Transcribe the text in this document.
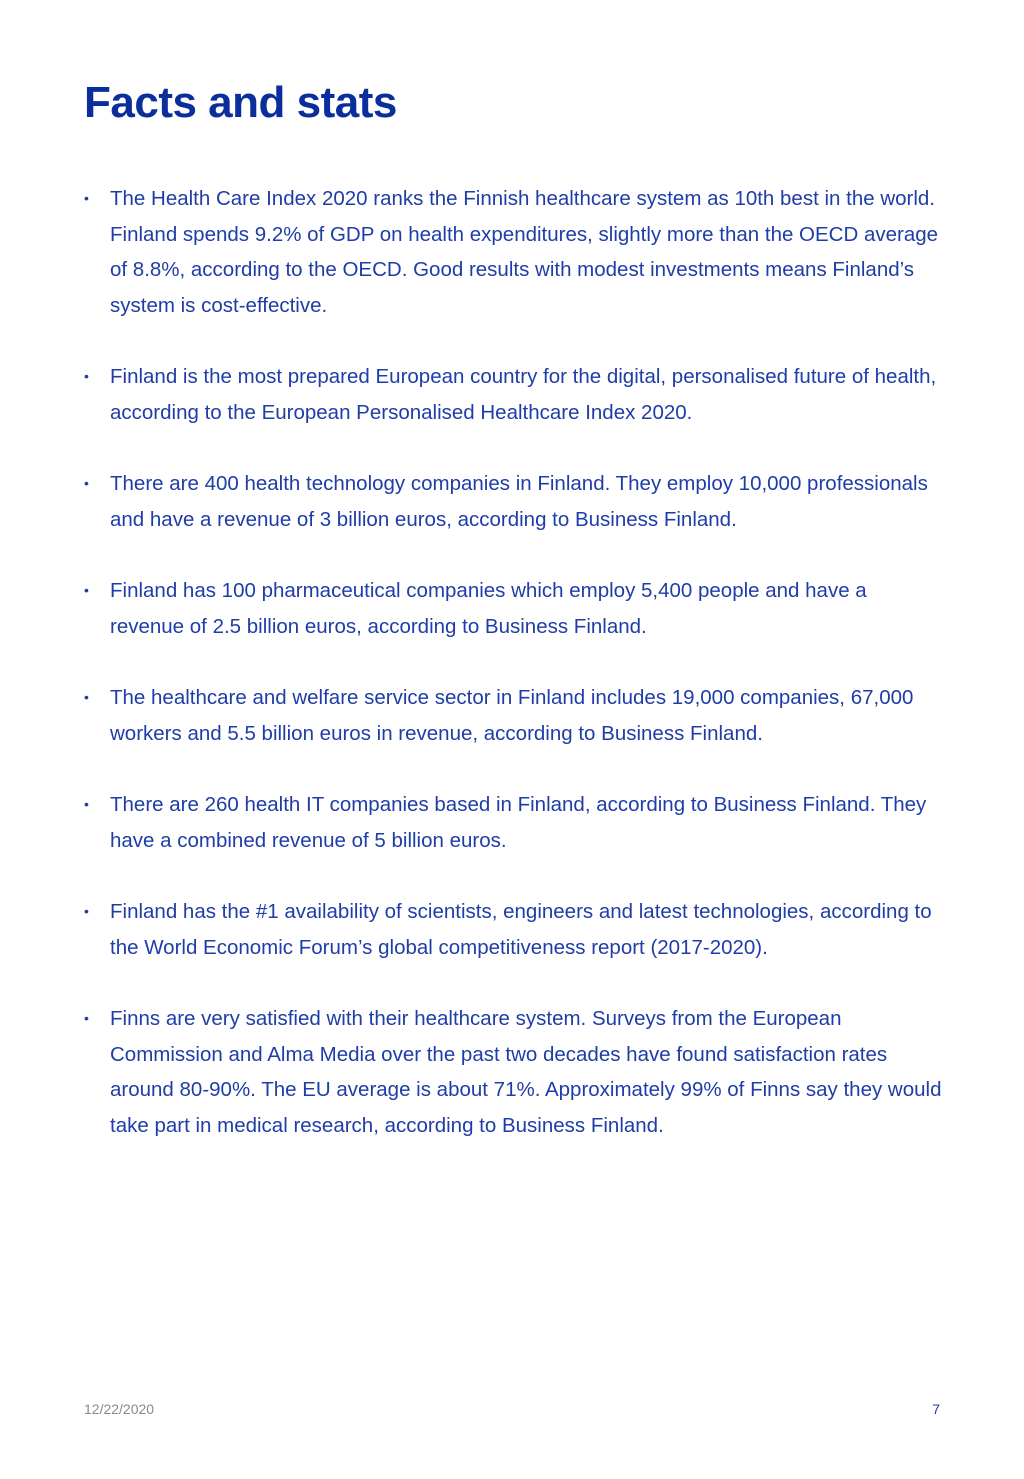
Facts and stats
• The Health Care Index 2020 ranks the Finnish healthcare system as 10th best in the world. Finland spends 9.2% of GDP on health expenditures, slightly more than the OECD average of 8.8%, according to the OECD. Good results with modest investments means Finland’s system is cost-effective.
• Finland is the most prepared European country for the digital, personalised future of health, according to the European Personalised Healthcare Index 2020.
• There are 400 health technology companies in Finland. They employ 10,000 professionals and have a revenue of 3 billion euros, according to Business Finland.
• Finland has 100 pharmaceutical companies which employ 5,400 people and have a revenue of 2.5 billion euros, according to Business Finland.
• The healthcare and welfare service sector in Finland includes 19,000 companies, 67,000 workers and 5.5 billion euros in revenue, according to Business Finland.
• There are 260 health IT companies based in Finland, according to Business Finland. They have a combined revenue of 5 billion euros.
• Finland has the #1 availability of scientists, engineers and latest technologies, according to the World Economic Forum’s global competitiveness report (2017-2020).
• Finns are very satisfied with their healthcare system. Surveys from the European Commission and Alma Media over the past two decades have found satisfaction rates around 80-90%. The EU average is about 71%. Approximately 99% of Finns say they would take part in medical research, according to Business Finland.
12/22/2020	7
